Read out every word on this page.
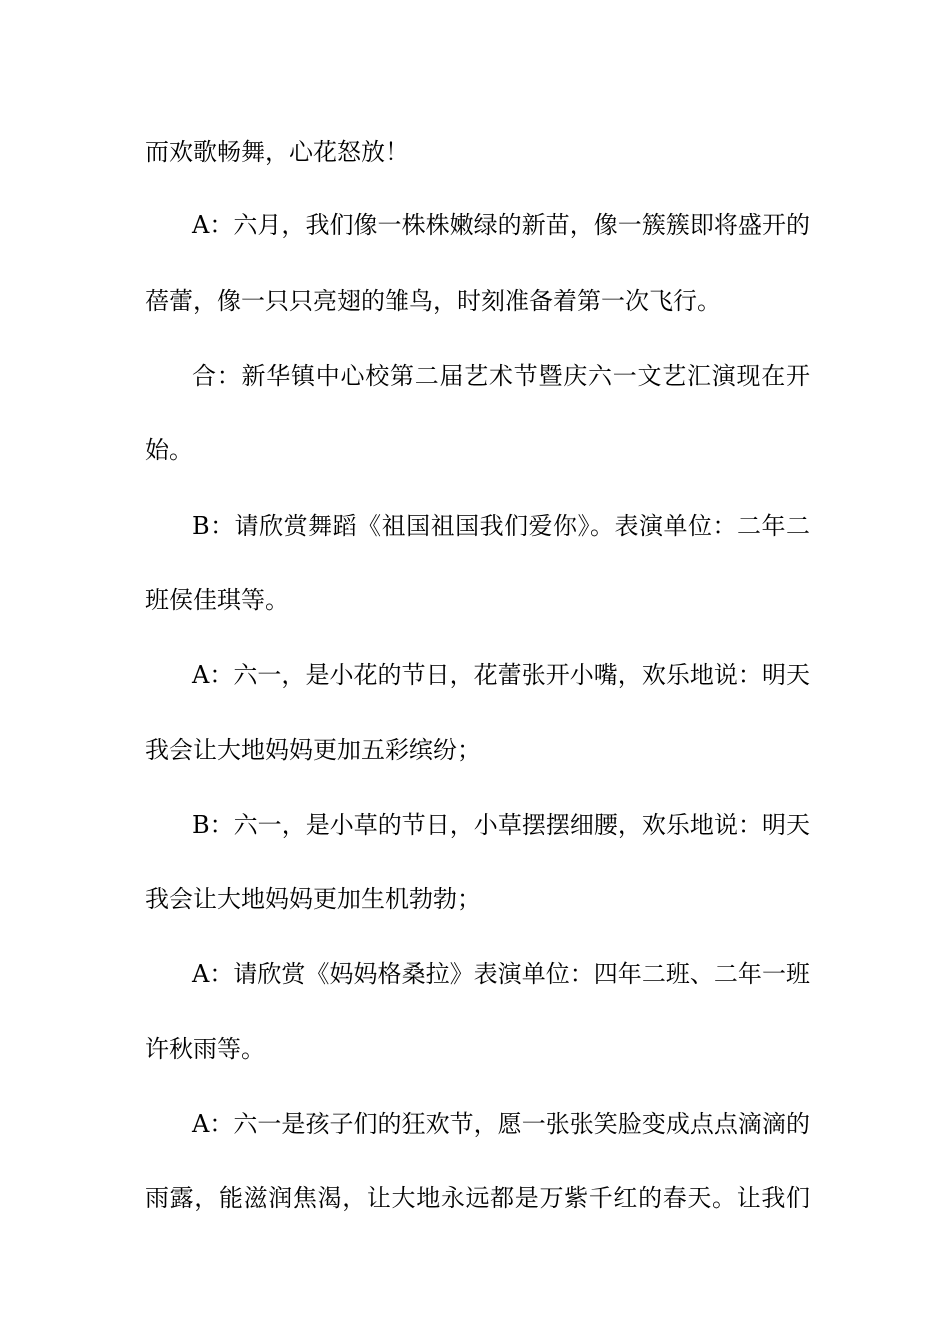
而欢歌畅舞，心花怒放！
A：六月，我们像一株株嫩绿的新苗，像一簇簇即将盛开的
蓓蕾，像一只只亮翅的雏鸟，时刻准备着第一次飞行。
合：新华镇中心校第二届艺术节暨庆六一文艺汇演现在开
始。
B：请欣赏舞蹈《祖国祖国我们爱你》。表演单位：二年二
班侯佳琪等。
A：六一，是小花的节日，花蕾张开小嘴，欢乐地说：明天
我会让大地妈妈更加五彩缤纷；
B：六一，是小草的节日，小草摆摆细腰，欢乐地说：明天
我会让大地妈妈更加生机勃勃；
A：请欣赏《妈妈格桑拉》表演单位：四年二班、二年一班
许秋雨等。
A：六一是孩子们的狂欢节，愿一张张笑脸变成点点滴滴的
雨露，能滋润焦渴，让大地永远都是万紫千红的春天。让我们
